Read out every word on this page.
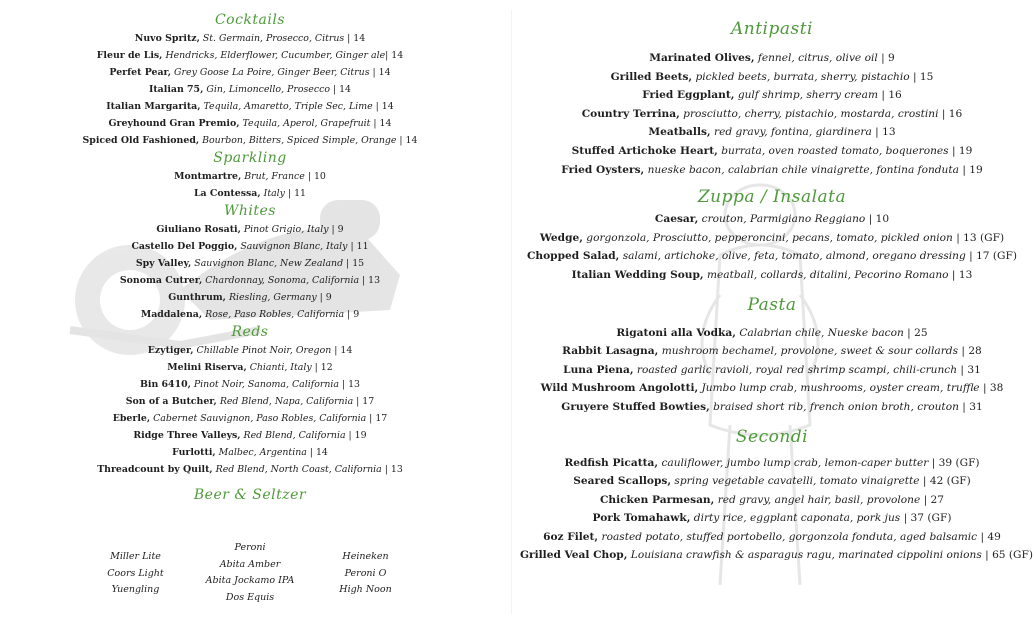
Cocktails
Nuvo Spritz, St. Germain, Prosecco, Citrus | 14
Fleur de Lis, Hendricks, Elderflower, Cucumber, Ginger ale| 14
Perfet Pear, Grey Goose La Poire, Ginger Beer, Citrus | 14
Italian 75, Gin, Limoncello, Prosecco | 14
Italian Margarita, Tequila, Amaretto, Triple Sec, Lime | 14
Greyhound Gran Premio, Tequila, Aperol, Grapefruit | 14
Spiced Old Fashioned, Bourbon, Bitters, Spiced Simple, Orange | 14
Sparkling
Montmartre, Brut, France | 10
La Contessa, Italy | 11
Whites
Giuliano Rosati, Pinot Grigio, Italy | 9
Castello Del Poggio, Sauvignon Blanc, Italy | 11
Spy Valley, Sauvignon Blanc, New Zealand | 15
Sonoma Cutrer, Chardonnay, Sonoma, California | 13
Gunthrum, Riesling, Germany | 9
Maddalena, Rose, Paso Robles, California | 9
Reds
Ezytiger, Chillable Pinot Noir, Oregon | 14
Melini Riserva, Chianti, Italy | 12
Bin 6410, Pinot Noir, Sanoma, California | 13
Son of a Butcher, Red Blend, Napa, California | 17
Eberle, Cabernet Sauvignon, Paso Robles, California | 17
Ridge Three Valleys, Red Blend, California | 19
Furlotti, Malbec, Argentina | 14
Threadcount by Quilt, Red Blend, North Coast, California | 13
Beer & Seltzer
Miller Lite
Coors Light
Yuengling
Peroni
Abita Amber
Abita Jockamo IPA
Dos Equis
Heineken
Peroni O
High Noon
Antipasti
Marinated Olives, fennel, citrus, olive oil | 9
Grilled Beets, pickled beets, burrata, sherry, pistachio | 15
Fried Eggplant, gulf shrimp, sherry cream | 16
Country Terrina, prosciutto, cherry, pistachio, mostarda, crostini | 16
Meatballs, red gravy, fontina, giardinera | 13
Stuffed Artichoke Heart, burrata, oven roasted tomato, boquerones | 19
Fried Oysters, nueske bacon, calabrian chile vinaigrette, fontina fonduta | 19
Zuppa / Insalata
Caesar, crouton, Parmigiano Reggiano | 10
Wedge, gorgonzola, Prosciutto, pepperoncini, pecans, tomato, pickled onion | 13 (GF)
Chopped Salad, salami, artichoke, olive, feta, tomato, almond, oregano dressing | 17 (GF)
Italian Wedding Soup, meatball, collards, ditalini, Pecorino Romano | 13
Pasta
Rigatoni alla Vodka, Calabrian chile, Nueske bacon | 25
Rabbit Lasagna, mushroom bechamel, provolone, sweet & sour collards | 28
Luna Piena, roasted garlic ravioli, royal red shrimp scampi, chili-crunch | 31
Wild Mushroom Angolotti, Jumbo lump crab, mushrooms, oyster cream, truffle | 38
Gruyere Stuffed Bowties, braised short rib, french onion broth, crouton | 31
Secondi
Redfish Picatta, cauliflower, jumbo lump crab, lemon-caper butter | 39 (GF)
Seared Scallops, spring vegetable cavatelli, tomato vinaigrette | 42 (GF)
Chicken Parmesan, red gravy, angel hair, basil, provolone | 27
Pork Tomahawk, dirty rice, eggplant caponata, pork jus | 37 (GF)
6oz Filet, roasted potato, stuffed portobello, gorgonzola fonduta, aged balsamic | 49
Grilled Veal Chop, Louisiana crawfish & asparagus ragu, marinated cippolini onions | 65 (GF)
